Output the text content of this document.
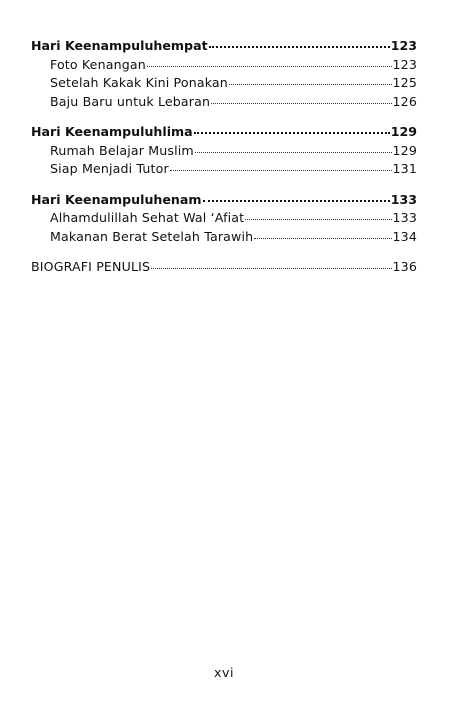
Hari Keenampuluhempat	123
Foto Kenangan	123
Setelah Kakak Kini Ponakan	125
Baju Baru untuk Lebaran	126
Hari Keenampuluhlima	129
Rumah Belajar Muslim	129
Siap Menjadi Tutor	131
Hari Keenampuluhenam	133
Alhamdulillah Sehat Wal ‘Afiat	133
Makanan Berat Setelah Tarawih	134
BIOGRAFI PENULIS	136
xvi
